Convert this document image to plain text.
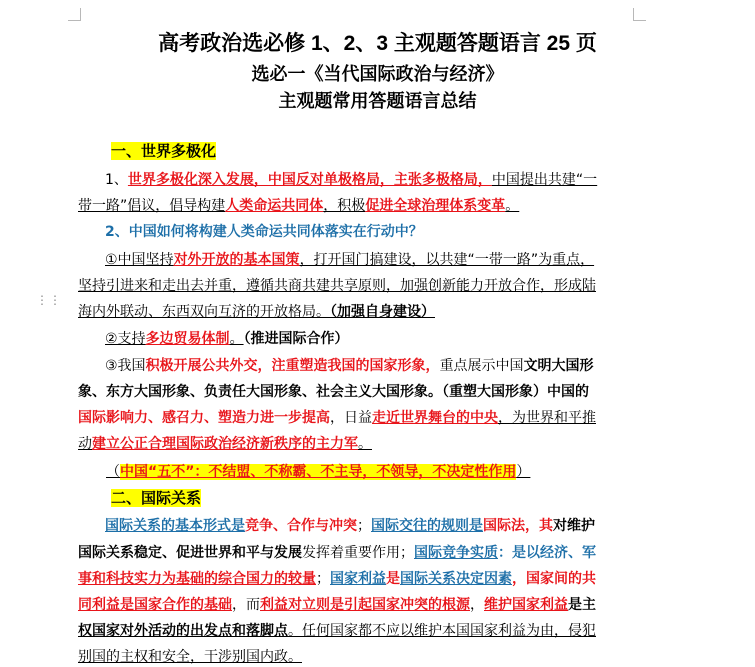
⋮⋮
高考政治选必修 1、2、3 主观题答题语言 25 页
选必一《当代国际政治与经济》
主观题常用答题语言总结
一、世界多极化
1、世界多极化深入发展，中国反对单极格局，主张多极格局，中国提出共建“一
带一路”倡议，倡导构建人类命运共同体，积极促进全球治理体系变革。
2、中国如何将构建人类命运共同体落实在行动中？
①中国坚持对外开放的基本国策，打开国门搞建设，以共建“一带一路”为重点，
坚持引进来和走出去并重，遵循共商共建共享原则，加强创新能力开放合作，形成陆
海内外联动、东西双向互济的开放格局。（加强自身建设）
②支持多边贸易体制。（推进国际合作）
③我国积极开展公共外交，注重塑造我国的国家形象，重点展示中国文明大国形
象、东方大国形象、负责任大国形象、社会主义大国形象。（重塑大国形象）中国的
国际影响力、感召力、塑造力进一步提高，日益走近世界舞台的中央，为世界和平推
动建立公正合理国际政治经济新秩序的主力军。
（中国“五不”：不结盟、不称霸、不主导，不领导，不决定性作用）
二、国际关系
国际关系的基本形式是竞争、合作与冲突；国际交往的规则是国际法，其对维护
国际关系稳定、促进世界和平与发展发挥着重要作用；国际竞争实质：是以经济、军
事和科技实力为基础的综合国力的较量；国家利益是国际关系决定因素，国家间的共
同利益是国家合作的基础，而利益对立则是引起国家冲突的根源，维护国家利益是主
权国家对外活动的出发点和落脚点。任何国家都不应以维护本国国家利益为由，侵犯
别国的主权和安全，干涉别国内政。
